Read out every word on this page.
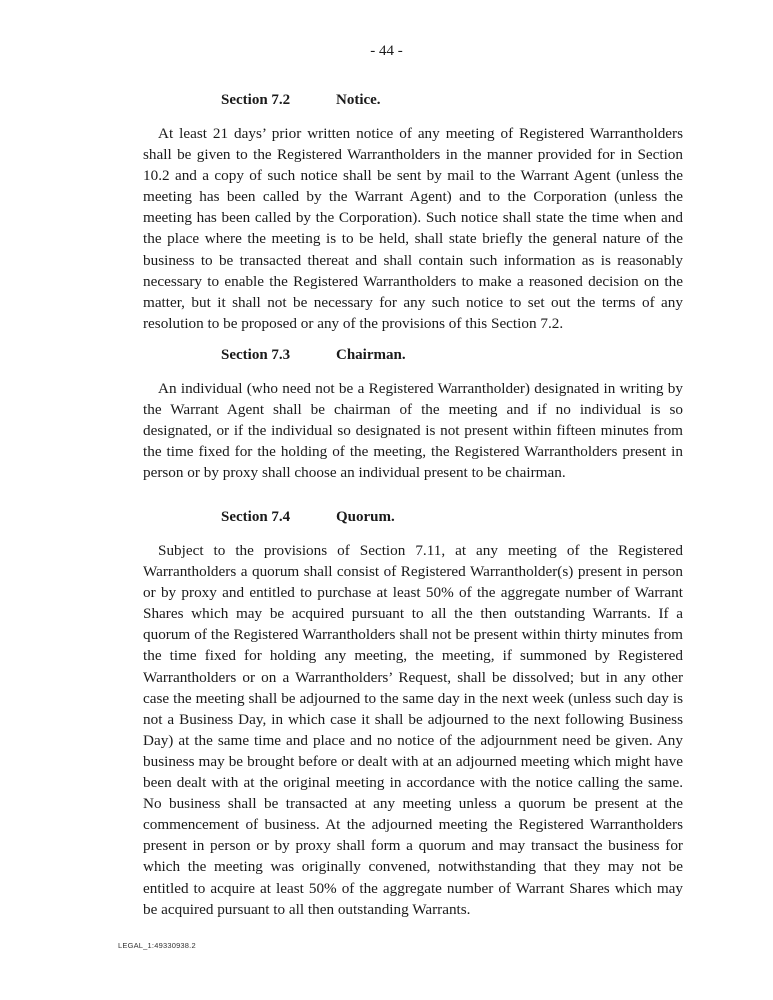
- 44 -
Section 7.2	Notice.

At least 21 days’ prior written notice of any meeting of Registered Warrantholders shall be given to the Registered Warrantholders in the manner provided for in Section 10.2 and a copy of such notice shall be sent by mail to the Warrant Agent (unless the meeting has been called by the Warrant Agent) and to the Corporation (unless the meeting has been called by the Corporation). Such notice shall state the time when and the place where the meeting is to be held, shall state briefly the general nature of the business to be transacted thereat and shall contain such information as is reasonably necessary to enable the Registered Warrantholders to make a reasoned decision on the matter, but it shall not be necessary for any such notice to set out the terms of any resolution to be proposed or any of the provisions of this Section 7.2.

Section 7.3	Chairman.

An individual (who need not be a Registered Warrantholder) designated in writing by the Warrant Agent shall be chairman of the meeting and if no individual is so designated, or if the individual so designated is not present within fifteen minutes from the time fixed for the holding of the meeting, the Registered Warrantholders present in person or by proxy shall choose an individual present to be chairman.

Section 7.4	Quorum.

Subject to the provisions of Section 7.11, at any meeting of the Registered Warrantholders a quorum shall consist of Registered Warrantholder(s) present in person or by proxy and entitled to purchase at least 50% of the aggregate number of Warrant Shares which may be acquired pursuant to all the then outstanding Warrants. If a quorum of the Registered Warrantholders shall not be present within thirty minutes from the time fixed for holding any meeting, the meeting, if summoned by Registered Warrantholders or on a Warrantholders’ Request, shall be dissolved; but in any other case the meeting shall be adjourned to the same day in the next week (unless such day is not a Business Day, in which case it shall be adjourned to the next following Business Day) at the same time and place and no notice of the adjournment need be given. Any business may be brought before or dealt with at an adjourned meeting which might have been dealt with at the original meeting in accordance with the notice calling the same. No business shall be transacted at any meeting unless a quorum be present at the commencement of business. At the adjourned meeting the Registered Warrantholders present in person or by proxy shall form a quorum and may transact the business for which the meeting was originally convened, notwithstanding that they may not be entitled to acquire at least 50% of the aggregate number of Warrant Shares which may be acquired pursuant to all then outstanding Warrants.

LEGAL_1:49330938.2
